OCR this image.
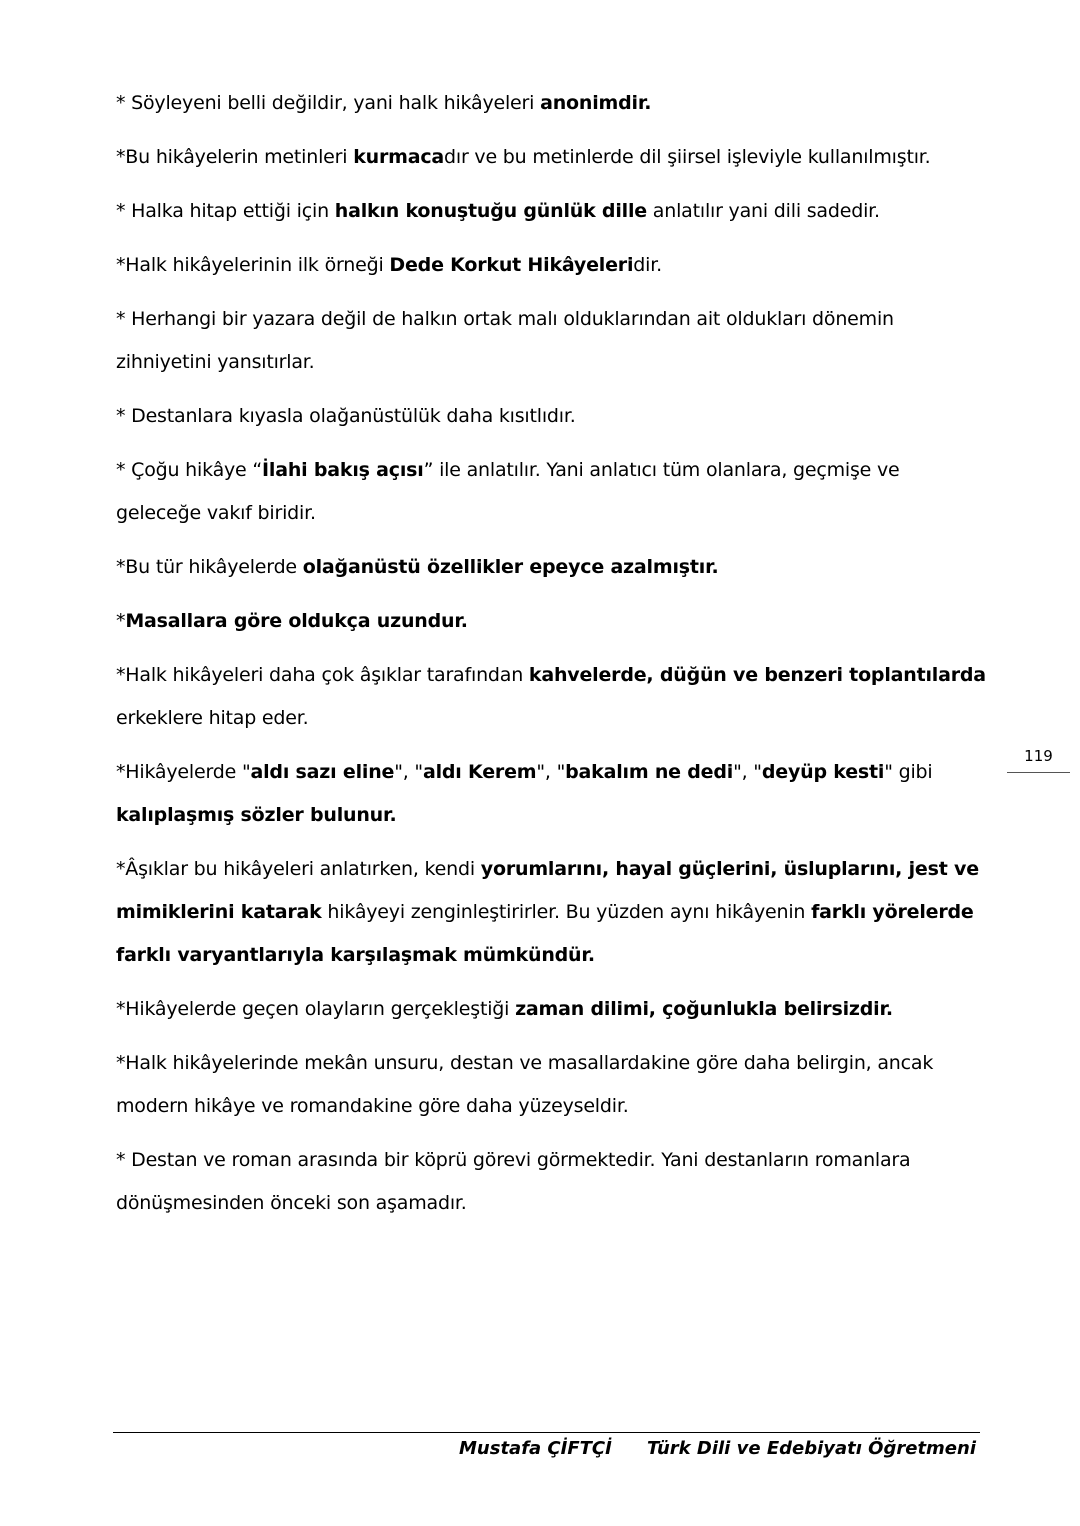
* Söyleyeni belli değildir, yani halk hikâyeleri anonimdir.

*Bu hikâyelerin metinleri kurmacadır ve bu metinlerde dil şiirsel işleviyle kullanılmıştır.

* Halka hitap ettiği için halkın konuştuğu günlük dille anlatılır yani dili sadedir.

*Halk hikâyelerinin ilk örneği Dede Korkut Hikâyeleridir.

* Herhangi bir yazara değil de halkın ortak malı olduklarından ait oldukları dönemin zihniyetini yansıtırlar.

* Destanlara kıyasla olağanüstülük daha kısıtlıdır.

* Çoğu hikâye “İlahi bakış açısı” ile anlatılır. Yani anlatıcı tüm olanlara, geçmişe ve geleceğe vakıf biridir.

*Bu tür hikâyelerde olağanüstü özellikler epeyce azalmıştır.

*Masallara göre oldukça uzundur.

*Halk hikâyeleri daha çok âşıklar tarafından kahvelerde, düğün ve benzeri toplantılarda erkeklere hitap eder.

*Hikâyelerde "aldı sazı eline", "aldı Kerem", "bakalım ne dedi", "deyüp kesti" gibi kalıplaşmış sözler bulunur.

*Âşıklar bu hikâyeleri anlatırken, kendi yorumlarını, hayal güçlerini, üsluplarını, jest ve mimiklerini katarak hikâyeyi zenginleştirirler. Bu yüzden aynı hikâyenin farklı yörelerde farklı varyantlarıyla karşılaşmak mümkündür.

*Hikâyelerde geçen olayların gerçekleştiği zaman dilimi, çoğunlukla belirsizdir.

*Halk hikâyelerinde mekân unsuru, destan ve masallardakine göre daha belirgin, ancak modern hikâye ve romandakine göre daha yüzeyseldir.

* Destan ve roman arasında bir köprü görevi görmektedir. Yani destanların romanlara dönüşmesinden önceki son aşamadır.

119
Mustafa ÇİFTÇİ Türk Dili ve Edebiyatı Öğretmeni
